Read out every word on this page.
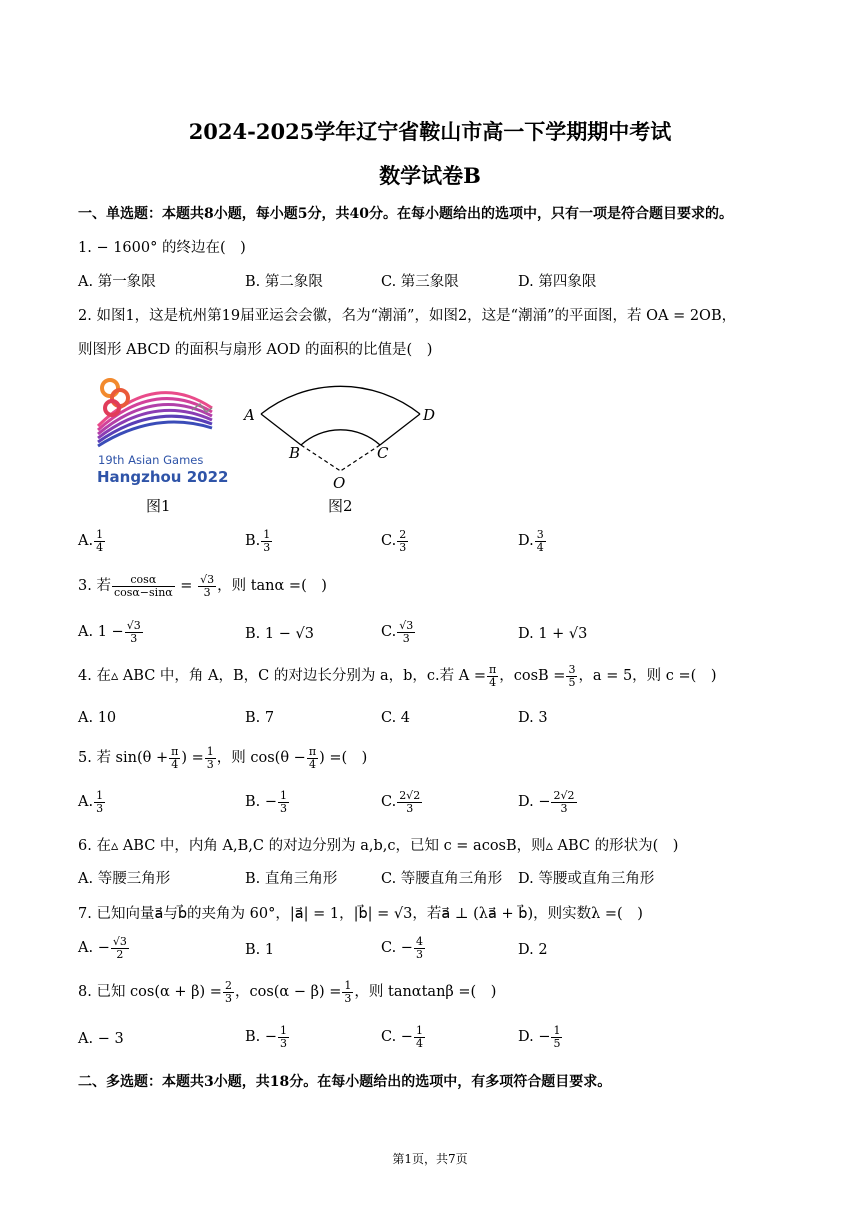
2024-2025学年辽宁省鞍山市高一下学期期中考试
数学试卷B
一、单选题：本题共8小题，每小题5分，共40分。在每小题给出的选项中，只有一项是符合题目要求的。
1. − 1600° 的终边在(　)
A. 第一象限	B. 第二象限	C. 第三象限	D. 第四象限
2. 如图1，这是杭州第19届亚运会会徽，名为“潮涌”，如图2，这是“潮涌”的平面图，若 OA = 2OB，
则图形 ABCD 的面积与扇形 AOD 的面积的比值是(　)
19th Asian Games
Hangzhou 2022
图1
A	D
B	C
O
图2
A. $\frac{1}{4}$	B. $\frac{1}{3}$	C. $\frac{2}{3}$	D. $\frac{3}{4}$
3. 若 $\frac{\cos\alpha}{\cos\alpha-\sin\alpha} = \frac{√3}{3}$ ，则 tanα =(　)
A. $1 - \frac{√3}{3}$	B. 1 − √3	C. $\frac{√3}{3}$	D. 1 + √3
4. 在▵ ABC 中，角 A，B，C 的对边长分别为 a，b，c.若 $A = \frac{\pi}{4}$ ，$\cos B = \frac{3}{5}$ ，a = 5，则 c =(　)
A. 10	B. 7	C. 4	D. 3
5. 若 $\sin(\theta + \frac{\pi}{4}$ ) = $\frac{1}{3}$ ，则 $\cos(\theta - \frac{\pi}{4}$ ) =(　)
A. $\frac{1}{3}$	B. − $\frac{1}{3}$	C. $\frac{2√2}{3}$	D. − $\frac{2√2}{3}$
6. 在▵ ABC 中，内角 A,B,C 的对边分别为 a,b,c，已知 c = acosB，则▵ ABC 的形状为(　)
A. 等腰三角形	B. 直角三角形	C. 等腰直角三角形 D. 等腰或直角三角形
7. 已知向量a⃗与b⃗的夹角为 60°，|a⃗| = 1，|b⃗| = √3，若a⃗ ⊥ (λa⃗ + b⃗)，则实数λ =(　)
A. − $\frac{√3}{2}$	B. 1	C. − $\frac{4}{3}$	D. 2
8. 已知 $\cos(\alpha + \beta) = \frac{2}{3}$ ，$\cos(\alpha - \beta) = \frac{1}{3}$ ，则 tanαtanβ =(　)
A. − 3	B. − $\frac{1}{3}$	C. − $\frac{1}{4}$	D. − $\frac{1}{5}$
二、多选题：本题共3小题，共18分。在每小题给出的选项中，有多项符合题目要求。
第1页，共7页
